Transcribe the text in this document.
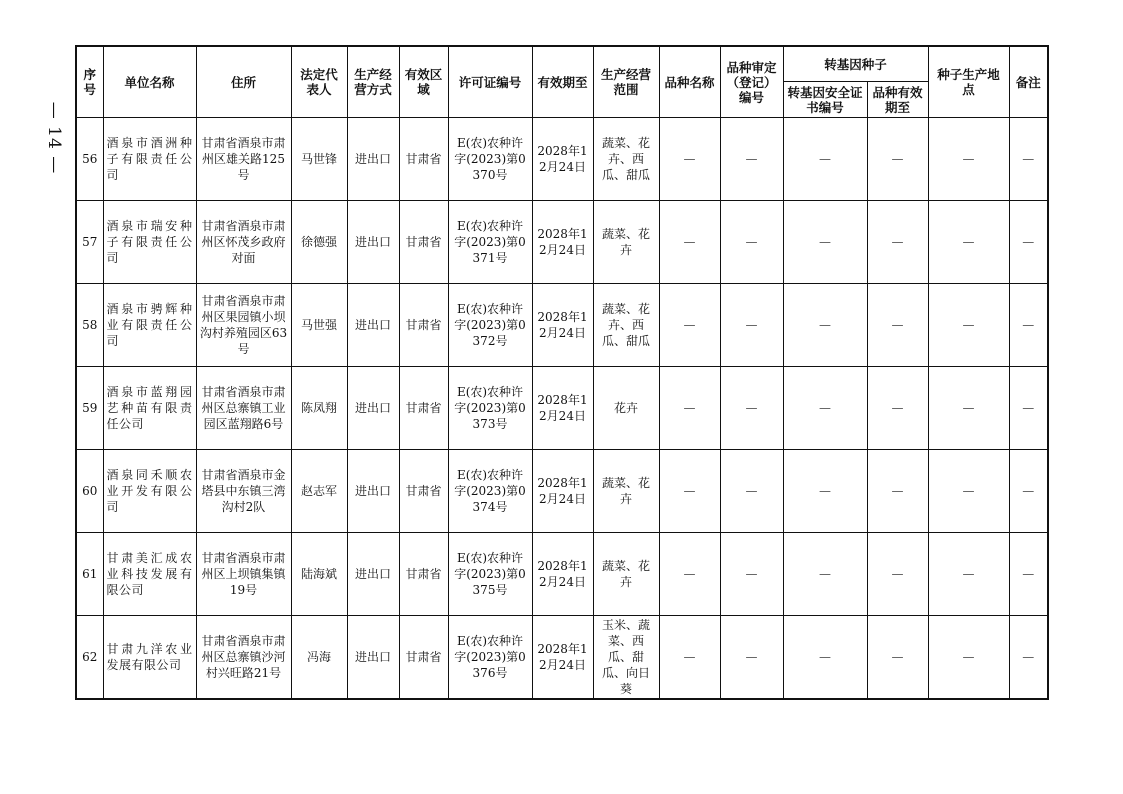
— 14 —
序号	单位名称	住所	法定代表人	生产经营方式	有效区域	许可证编号	有效期至	生产经营范围	品种名称	品种审定（登记）编号	转基因种子		种子生产地点	备注
											转基因安全证书编号	品种有效期至		
56	酒泉市酒洲种子有限责任公司	甘肃省酒泉市肃州区雄关路125号	马世锋	进出口	甘肃省	E(农)农种许字(2023)第0370号	2028年12月24日	蔬菜、花卉、西瓜、甜瓜	—	—	—	—	—	—
57	酒泉市瑞安种子有限责任公司	甘肃省酒泉市肃州区怀茂乡政府对面	徐德强	进出口	甘肃省	E(农)农种许字(2023)第0371号	2028年12月24日	蔬菜、花卉	—	—	—	—	—	—
58	酒泉市骋辉种业有限责任公司	甘肃省酒泉市肃州区果园镇小坝沟村养殖园区63号	马世强	进出口	甘肃省	E(农)农种许字(2023)第0372号	2028年12月24日	蔬菜、花卉、西瓜、甜瓜	—	—	—	—	—	—
59	酒泉市蓝翔园艺种苗有限责任公司	甘肃省酒泉市肃州区总寨镇工业园区蓝翔路6号	陈凤翔	进出口	甘肃省	E(农)农种许字(2023)第0373号	2028年12月24日	花卉	—	—	—	—	—	—
60	酒泉同禾顺农业开发有限公司	甘肃省酒泉市金塔县中东镇三湾沟村2队	赵志军	进出口	甘肃省	E(农)农种许字(2023)第0374号	2028年12月24日	蔬菜、花卉	—	—	—	—	—	—
61	甘肃美汇成农业科技发展有限公司	甘肃省酒泉市肃州区上坝镇集镇19号	陆海斌	进出口	甘肃省	E(农)农种许字(2023)第0375号	2028年12月24日	蔬菜、花卉	—	—	—	—	—	—
62	甘肃九洋农业发展有限公司	甘肃省酒泉市肃州区总寨镇沙河村兴旺路21号	冯海	进出口	甘肃省	E(农)农种许字(2023)第0376号	2028年12月24日	玉米、蔬菜、西瓜、甜瓜、向日葵	—	—	—	—	—	—
